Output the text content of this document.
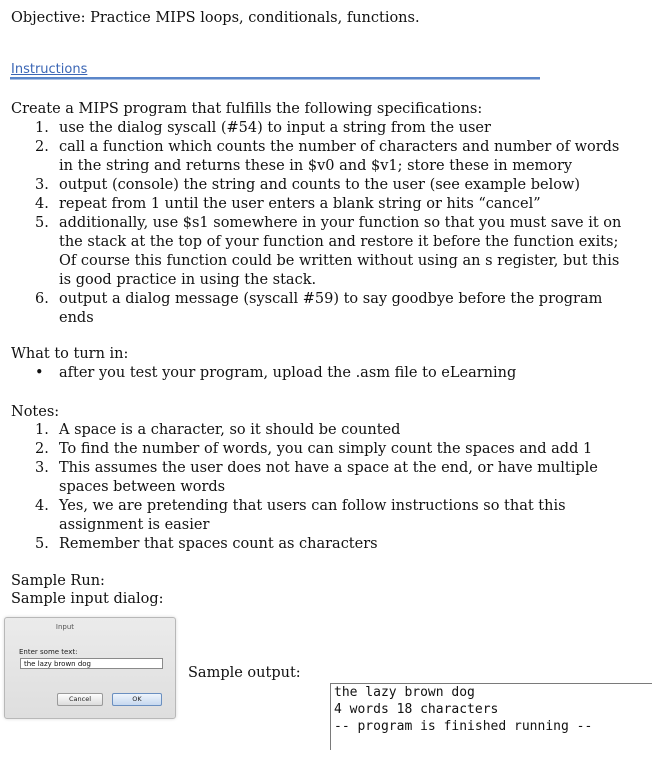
Objective: Practice MIPS loops, conditionals, functions.
Instructions
Create a MIPS program that fulfills the following specifications:
1. use the dialog syscall (#54) to input a string from the user
2. call a function which counts the number of characters and number of words
in the string and returns these in $v0 and $v1; store these in memory
3. output (console) the string and counts to the user (see example below)
4. repeat from 1 until the user enters a blank string or hits “cancel”
5. additionally, use $s1 somewhere in your function so that you must save it on
the stack at the top of your function and restore it before the function exits;
Of course this function could be written without using an s register, but this
is good practice in using the stack.
6. output a dialog message (syscall #59) to say goodbye before the program
ends
What to turn in:
• after you test your program, upload the .asm file to eLearning
Notes:
1. A space is a character, so it should be counted
2. To find the number of words, you can simply count the spaces and add 1
3. This assumes the user does not have a space at the end, or have multiple
spaces between words
4. Yes, we are pretending that users can follow instructions so that this
assignment is easier
5. Remember that spaces count as characters
Sample Run:
Sample input dialog:
Input
Enter some text:
the lazy brown dog
Cancel	OK
Sample output:
the lazy brown dog
4 words 18 characters
-- program is finished running --
